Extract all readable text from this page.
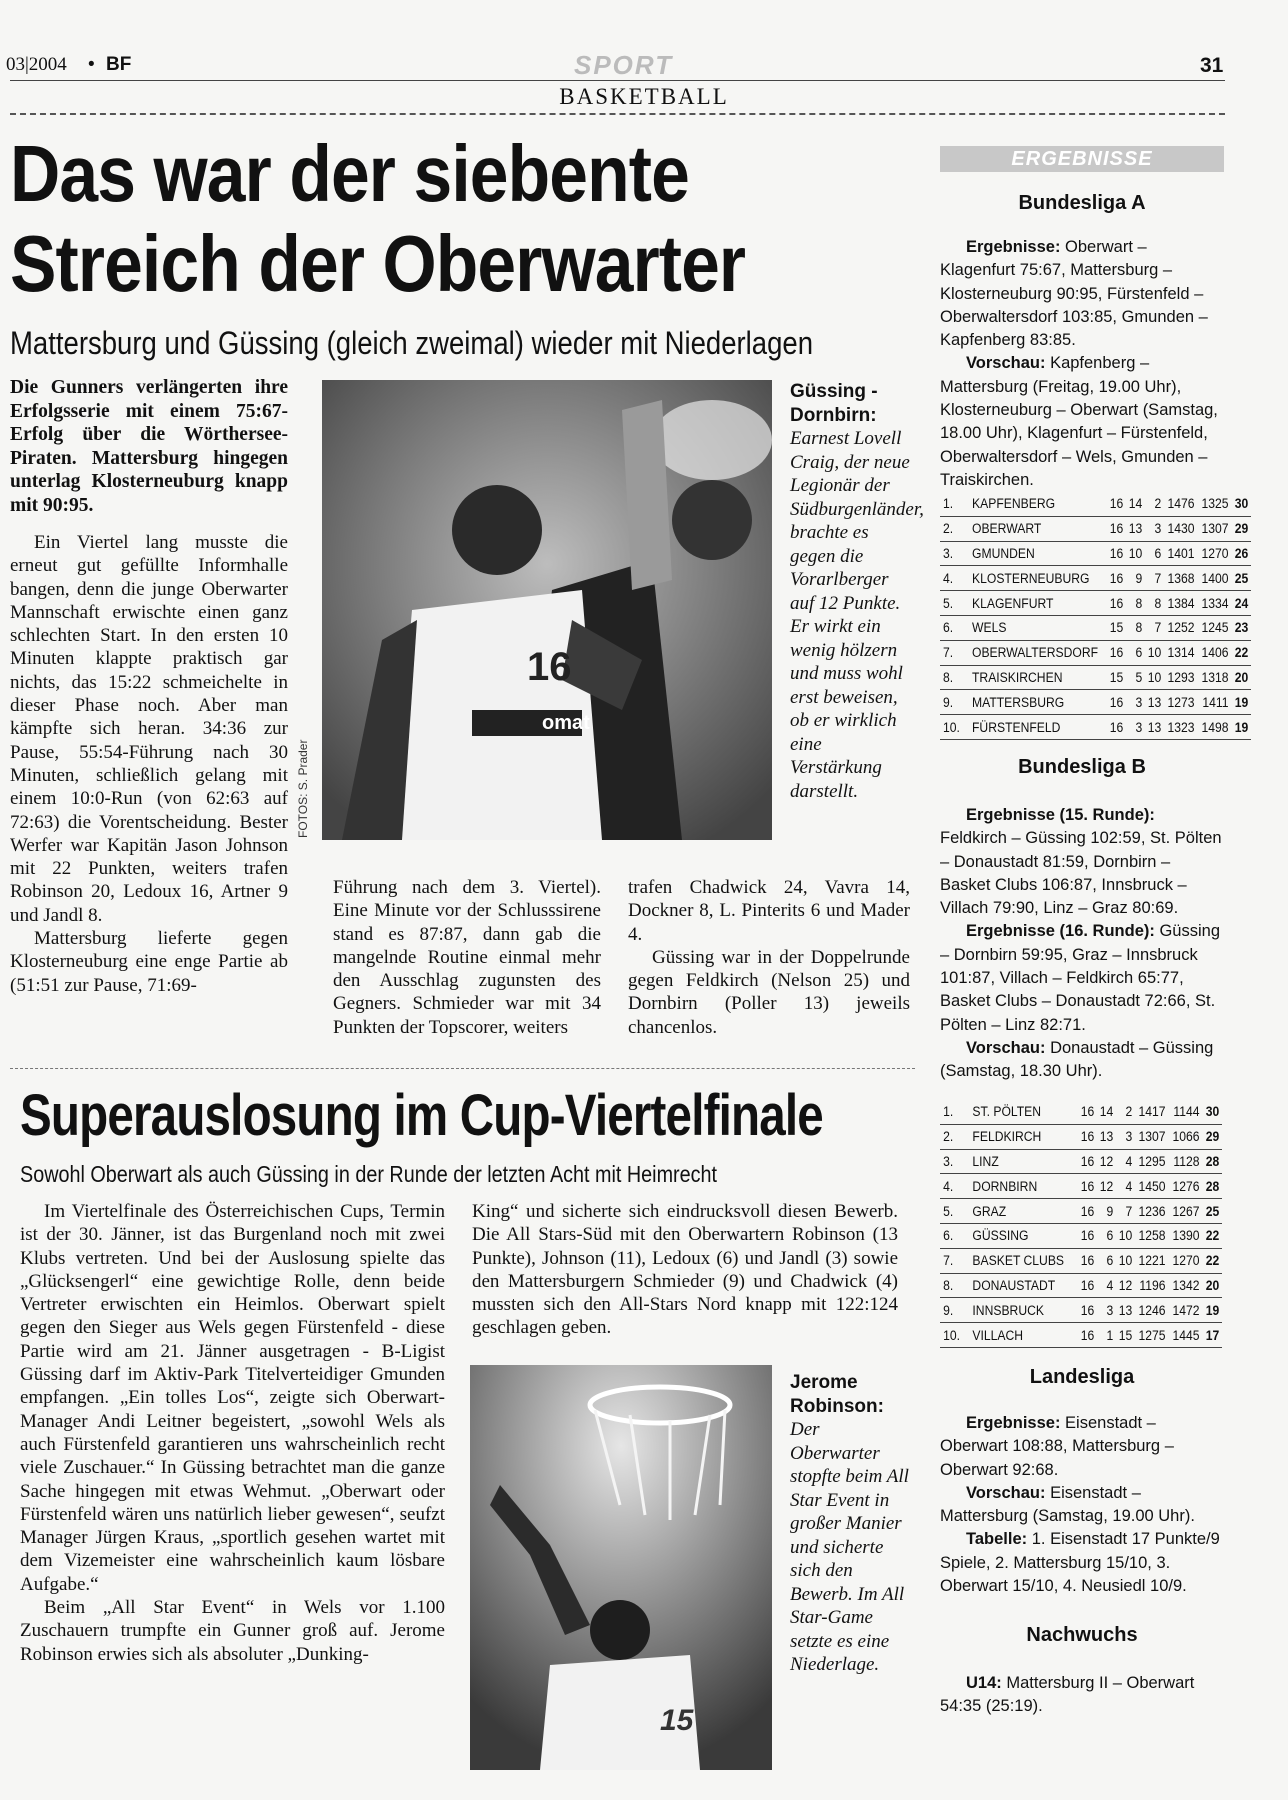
03|2004 • BF	SPORT	31
BASKETBALL
Das war der siebente
Streich der Oberwarter
Mattersburg und Güssing (gleich zweimal) wieder mit Niederlagen

Die Gunners verlängerten ihre Erfolgsserie mit einem 75:67-Erfolg über die Wörthersee-Piraten. Mattersburg hingegen unterlag Klosterneuburg knapp mit 90:95.

Ein Viertel lang musste die erneut gut gefüllte Informhalle bangen, denn die junge Oberwarter Mannschaft erwischte einen ganz schlechten Start. In den ersten 10 Minuten klappte praktisch gar nichts, das 15:22 schmeichelte in dieser Phase noch. Aber man kämpfte sich heran. 34:36 zur Pause, 55:54-Führung nach 30 Minuten, schließlich gelang mit einem 10:0-Run (von 62:63 auf 72:63) die Vorentscheidung. Bester Werfer war Kapitän Jason Johnson mit 22 Punkten, weiters trafen Robinson 20, Ledoux 16, Artner 9 und Jandl 8.

Mattersburg lieferte gegen Klosterneuburg eine enge Partie ab (51:51 zur Pause, 71:69-

omat
16
FOTOS: S. Prader
Güssing - Dornbirn: Earnest Lovell Craig, der neue Legionär der Südburgenländer, brachte es gegen die Vorarlberger auf 12 Punkte. Er wirkt ein wenig hölzern und muss wohl erst beweisen, ob er wirklich eine Verstärkung darstellt.

Führung nach dem 3. Viertel). Eine Minute vor der Schlusssirene stand es 87:87, dann gab die mangelnde Routine einmal mehr den Ausschlag zugunsten des Gegners. Schmieder war mit 34 Punkten der Topscorer, weiters

trafen Chadwick 24, Vavra 14, Dockner 8, L. Pinterits 6 und Mader 4.

Güssing war in der Doppelrunde gegen Feldkirch (Nelson 25) und Dornbirn (Poller 13) jeweils chancenlos.

Superauslosung im Cup-Viertelfinale
Sowohl Oberwart als auch Güssing in der Runde der letzten Acht mit Heimrecht

Im Viertelfinale des Österreichischen Cups, Termin ist der 30. Jänner, ist das Burgenland noch mit zwei Klubs vertreten. Und bei der Auslosung spielte das „Glücksengerl“ eine gewichtige Rolle, denn beide Vertreter erwischten ein Heimlos. Oberwart spielt gegen den Sieger aus Wels gegen Fürstenfeld - diese Partie wird am 21. Jänner ausgetragen - B-Ligist Güssing darf im Aktiv-Park Titelverteidiger Gmunden empfangen. „Ein tolles Los“, zeigte sich Oberwart-Manager Andi Leitner begeistert, „sowohl Wels als auch Fürstenfeld garantieren uns wahrscheinlich recht viele Zuschauer.“ In Güssing betrachtet man die ganze Sache hingegen mit etwas Wehmut. „Oberwart oder Fürstenfeld wären uns natürlich lieber gewesen“, seufzt Manager Jürgen Kraus, „sportlich gesehen wartet mit dem Vizemeister eine wahrscheinlich kaum lösbare Aufgabe.“

Beim „All Star Event“ in Wels vor 1.100 Zuschauern trumpfte ein Gunner groß auf. Jerome Robinson erwies sich als absoluter „Dunking-

King“ und sicherte sich eindrucksvoll diesen Bewerb. Die All Stars-Süd mit den Oberwartern Robinson (13 Punkte), Johnson (11), Ledoux (6) und Jandl (3) sowie den Mattersburgern Schmieder (9) und Chadwick (4) mussten sich den All-Stars Nord knapp mit 122:124 geschlagen geben.

15
Jerome Robinson: Der Oberwarter stopfte beim All Star Event in großer Manier und sicherte sich den Bewerb. Im All Star-Game setzte es eine Niederlage.
ERGEBNISSE
Bundesliga A

Ergebnisse: Oberwart – Klagenfurt 75:67, Mattersburg – Klosterneuburg 90:95, Fürstenfeld – Oberwaltersdorf 103:85, Gmunden – Kapfenberg 83:85.

Vorschau: Kapfenberg – Mattersburg (Freitag, 19.00 Uhr), Klosterneuburg – Oberwart (Samstag, 18.00 Uhr), Klagenfurt – Fürstenfeld, Oberwaltersdorf – Wels, Gmunden – Traiskirchen.

1.	KAPFENBERG	16	14	2	1476	1325	30
2.	OBERWART	16	13	3	1430	1307	29
3.	GMUNDEN	16	10	6	1401	1270	26
4.	KLOSTERNEUBURG	16	9	7	1368	1400	25
5.	KLAGENFURT	16	8	8	1384	1334	24
6.	WELS	15	8	7	1252	1245	23
7.	OBERWALTERSDORF	16	6	10	1314	1406	22
8.	TRAISKIRCHEN	15	5	10	1293	1318	20
9.	MATTERSBURG	16	3	13	1273	1411	19
10.	FÜRSTENFELD	16	3	13	1323	1498	19
Bundesliga B

Ergebnisse (15. Runde): Feldkirch – Güssing 102:59, St. Pölten – Donaustadt 81:59, Dornbirn – Basket Clubs 106:87, Innsbruck – Villach 79:90, Linz – Graz 80:69.

Ergebnisse (16. Runde): Güssing – Dornbirn 59:95, Graz – Innsbruck 101:87, Villach – Feldkirch 65:77, Basket Clubs – Donaustadt 72:66, St. Pölten – Linz 82:71.

Vorschau: Donaustadt – Güssing (Samstag, 18.30 Uhr).

1.	ST. PÖLTEN	16	14	2	1417	1144	30
2.	FELDKIRCH	16	13	3	1307	1066	29
3.	LINZ	16	12	4	1295	1128	28
4.	DORNBIRN	16	12	4	1450	1276	28
5.	GRAZ	16	9	7	1236	1267	25
6.	GÜSSING	16	6	10	1258	1390	22
7.	BASKET CLUBS	16	6	10	1221	1270	22
8.	DONAUSTADT	16	4	12	1196	1342	20
9.	INNSBRUCK	16	3	13	1246	1472	19
10.	VILLACH	16	1	15	1275	1445	17
Landesliga

Ergebnisse: Eisenstadt – Oberwart 108:88, Mattersburg – Oberwart 92:68.

Vorschau: Eisenstadt – Mattersburg (Samstag, 19.00 Uhr).

Tabelle: 1. Eisenstadt 17 Punkte/9 Spiele, 2. Mattersburg 15/10, 3. Oberwart 15/10, 4. Neusiedl 10/9.

Nachwuchs

U14: Mattersburg II – Oberwart 54:35 (25:19).
